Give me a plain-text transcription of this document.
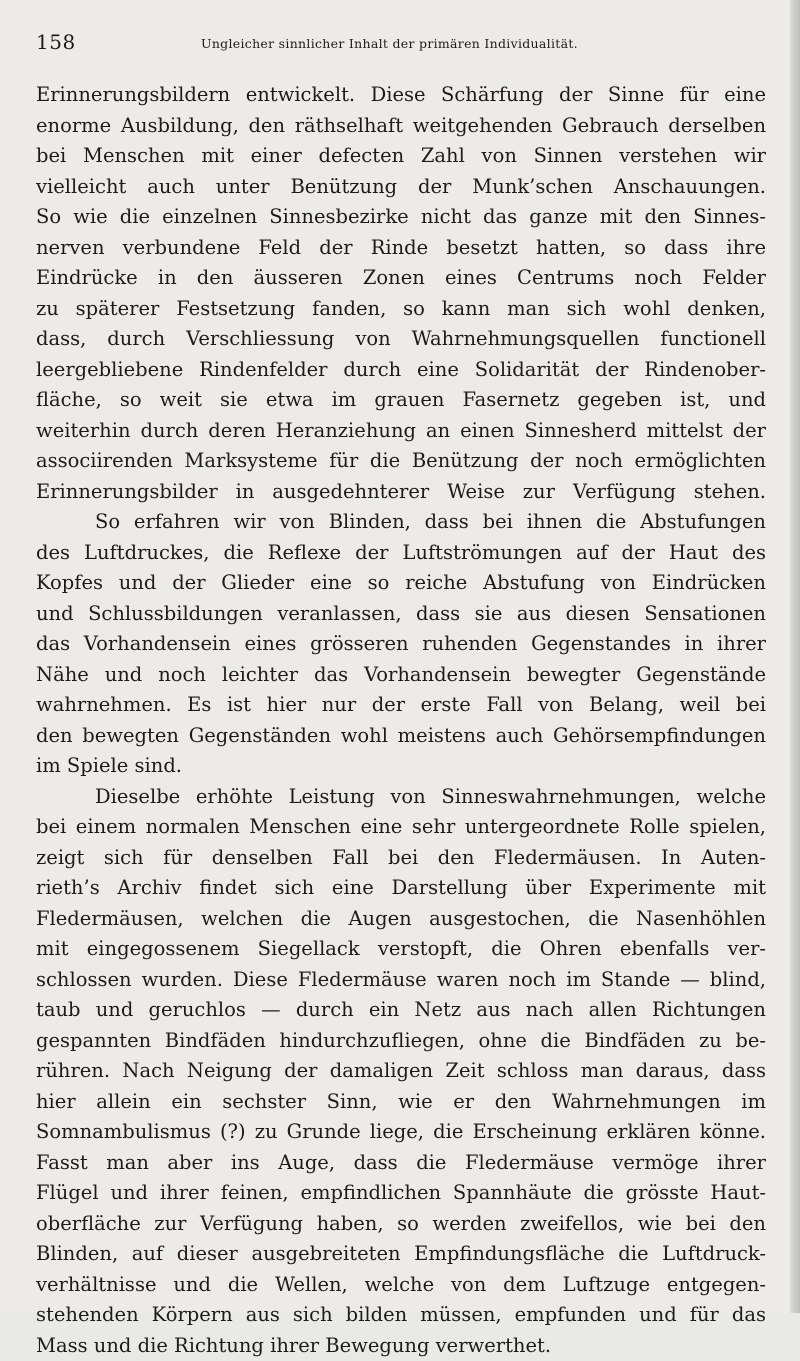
158	Ungleicher sinnlicher Inhalt der primären Individualität.
Erinnerungsbildern entwickelt. Diese Schärfung der Sinne für eine
enorme Ausbildung, den räthselhaft weitgehenden Gebrauch derselben
bei Menschen mit einer defecten Zahl von Sinnen verstehen wir
vielleicht auch unter Benützung der Munk’schen Anschauungen.
So wie die einzelnen Sinnesbezirke nicht das ganze mit den Sinnes-
nerven verbundene Feld der Rinde besetzt hatten, so dass ihre
Eindrücke in den äusseren Zonen eines Centrums noch Felder
zu späterer Festsetzung fanden, so kann man sich wohl denken,
dass, durch Verschliessung von Wahrnehmungsquellen functionell
leergebliebene Rindenfelder durch eine Solidarität der Rindenober-
fläche, so weit sie etwa im grauen Fasernetz gegeben ist, und
weiterhin durch deren Heranziehung an einen Sinnesherd mittelst der
associirenden Marksysteme für die Benützung der noch ermöglichten
Erinnerungsbilder in ausgedehnterer Weise zur Verfügung stehen.
So erfahren wir von Blinden, dass bei ihnen die Abstufungen
des Luftdruckes, die Reflexe der Luftströmungen auf der Haut des
Kopfes und der Glieder eine so reiche Abstufung von Eindrücken
und Schlussbildungen veranlassen, dass sie aus diesen Sensationen
das Vorhandensein eines grösseren ruhenden Gegenstandes in ihrer
Nähe und noch leichter das Vorhandensein bewegter Gegenstände
wahrnehmen. Es ist hier nur der erste Fall von Belang, weil bei
den bewegten Gegenständen wohl meistens auch Gehörsempfindungen
im Spiele sind.
Dieselbe erhöhte Leistung von Sinneswahrnehmungen, welche
bei einem normalen Menschen eine sehr untergeordnete Rolle spielen,
zeigt sich für denselben Fall bei den Fledermäusen. In Auten-
rieth’s Archiv findet sich eine Darstellung über Experimente mit
Fledermäusen, welchen die Augen ausgestochen, die Nasenhöhlen
mit eingegossenem Siegellack verstopft, die Ohren ebenfalls ver-
schlossen wurden. Diese Fledermäuse waren noch im Stande — blind,
taub und geruchlos — durch ein Netz aus nach allen Richtungen
gespannten Bindfäden hindurchzufliegen, ohne die Bindfäden zu be-
rühren. Nach Neigung der damaligen Zeit schloss man daraus, dass
hier allein ein sechster Sinn, wie er den Wahrnehmungen im
Somnambulismus (?) zu Grunde liege, die Erscheinung erklären könne.
Fasst man aber ins Auge, dass die Fledermäuse vermöge ihrer
Flügel und ihrer feinen, empfindlichen Spannhäute die grösste Haut-
oberfläche zur Verfügung haben, so werden zweifellos, wie bei den
Blinden, auf dieser ausgebreiteten Empfindungsfläche die Luftdruck-
verhältnisse und die Wellen, welche von dem Luftzuge entgegen-
stehenden Körpern aus sich bilden müssen, empfunden und für das
Mass und die Richtung ihrer Bewegung verwerthet.
